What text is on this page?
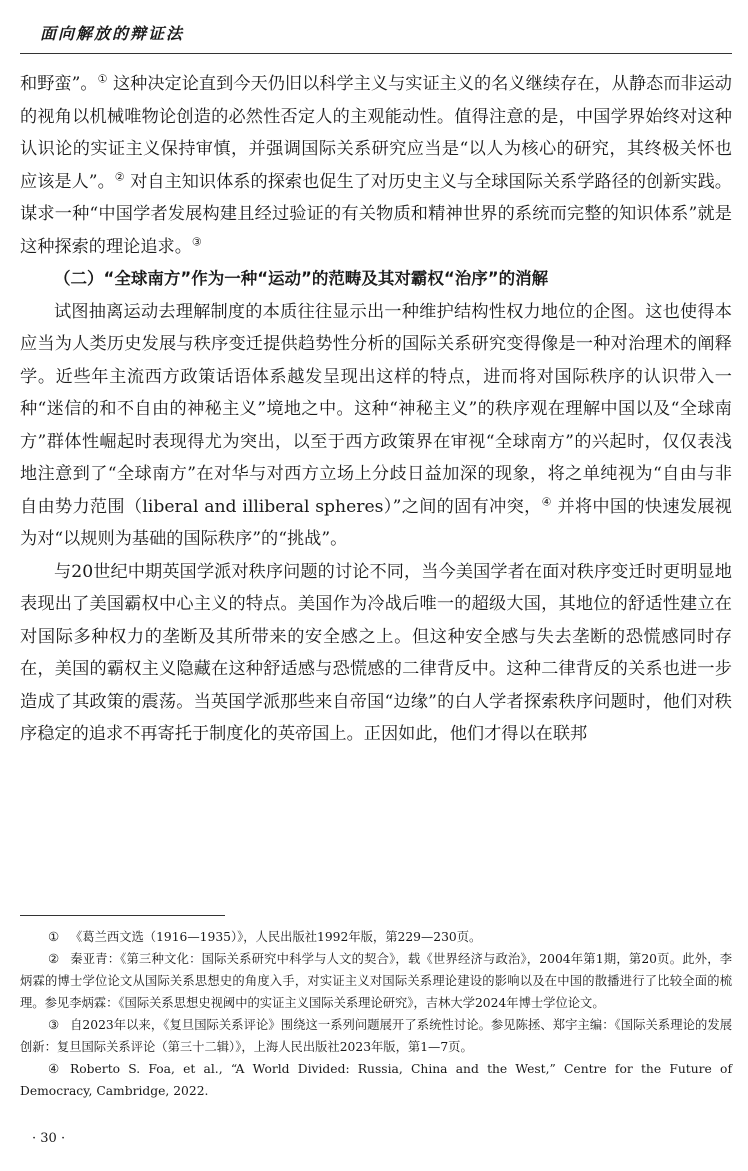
面向解放的辩证法

和野蛮”。① 这种决定论直到今天仍旧以科学主义与实证主义的名义继续存在，从静态而非运动的视角以机械唯物论创造的必然性否定人的主观能动性。值得注意的是，中国学界始终对这种认识论的实证主义保持审慎，并强调国际关系研究应当是“以人为核心的研究，其终极关怀也应该是人”。② 对自主知识体系的探索也促生了对历史主义与全球国际关系学路径的创新实践。谋求一种“中国学者发展构建且经过验证的有关物质和精神世界的系统而完整的知识体系”就是这种探索的理论追求。③

（二）“全球南方”作为一种“运动”的范畴及其对霸权“治序”的消解

试图抽离运动去理解制度的本质往往显示出一种维护结构性权力地位的企图。这也使得本应当为人类历史发展与秩序变迁提供趋势性分析的国际关系研究变得像是一种对治理术的阐释学。近些年主流西方政策话语体系越发呈现出这样的特点，进而将对国际秩序的认识带入一种“迷信的和不自由的神秘主义”境地之中。这种“神秘主义”的秩序观在理解中国以及“全球南方”群体性崛起时表现得尤为突出，以至于西方政策界在审视“全球南方”的兴起时，仅仅表浅地注意到了“全球南方”在对华与对西方立场上分歧日益加深的现象，将之单纯视为“自由与非自由势力范围（liberal and illiberal spheres）”之间的固有冲突，④ 并将中国的快速发展视为对“以规则为基础的国际秩序”的“挑战”。

与20世纪中期英国学派对秩序问题的讨论不同，当今美国学者在面对秩序变迁时更明显地表现出了美国霸权中心主义的特点。美国作为冷战后唯一的超级大国，其地位的舒适性建立在对国际多种权力的垄断及其所带来的安全感之上。但这种安全感与失去垄断的恐慌感同时存在，美国的霸权主义隐藏在这种舒适感与恐慌感的二律背反中。这种二律背反的关系也进一步造成了其政策的震荡。当英国学派那些来自帝国“边缘”的白人学者探索秩序问题时，他们对秩序稳定的追求不再寄托于制度化的英帝国上。正因如此，他们才得以在联邦

① 《葛兰西文选（1916—1935）》，人民出版社1992年版，第229—230页。

② 秦亚青：《第三种文化：国际关系研究中科学与人文的契合》，载《世界经济与政治》，2004年第1期，第20页。此外，李炳霖的博士学位论文从国际关系思想史的角度入手，对实证主义对国际关系理论建设的影响以及在中国的散播进行了比较全面的梳理。参见李炳霖：《国际关系思想史视阈中的实证主义国际关系理论研究》，吉林大学2024年博士学位论文。

③ 自2023年以来，《复旦国际关系评论》围绕这一系列问题展开了系统性讨论。参见陈拯、郑宇主编：《国际关系理论的发展创新：复旦国际关系评论（第三十二辑）》，上海人民出版社2023年版，第1—7页。

④ Roberto S. Foa, et al., “A World Divided: Russia, China and the West,” Centre for the Future of Democracy, Cambridge, 2022.

· 30 ·
